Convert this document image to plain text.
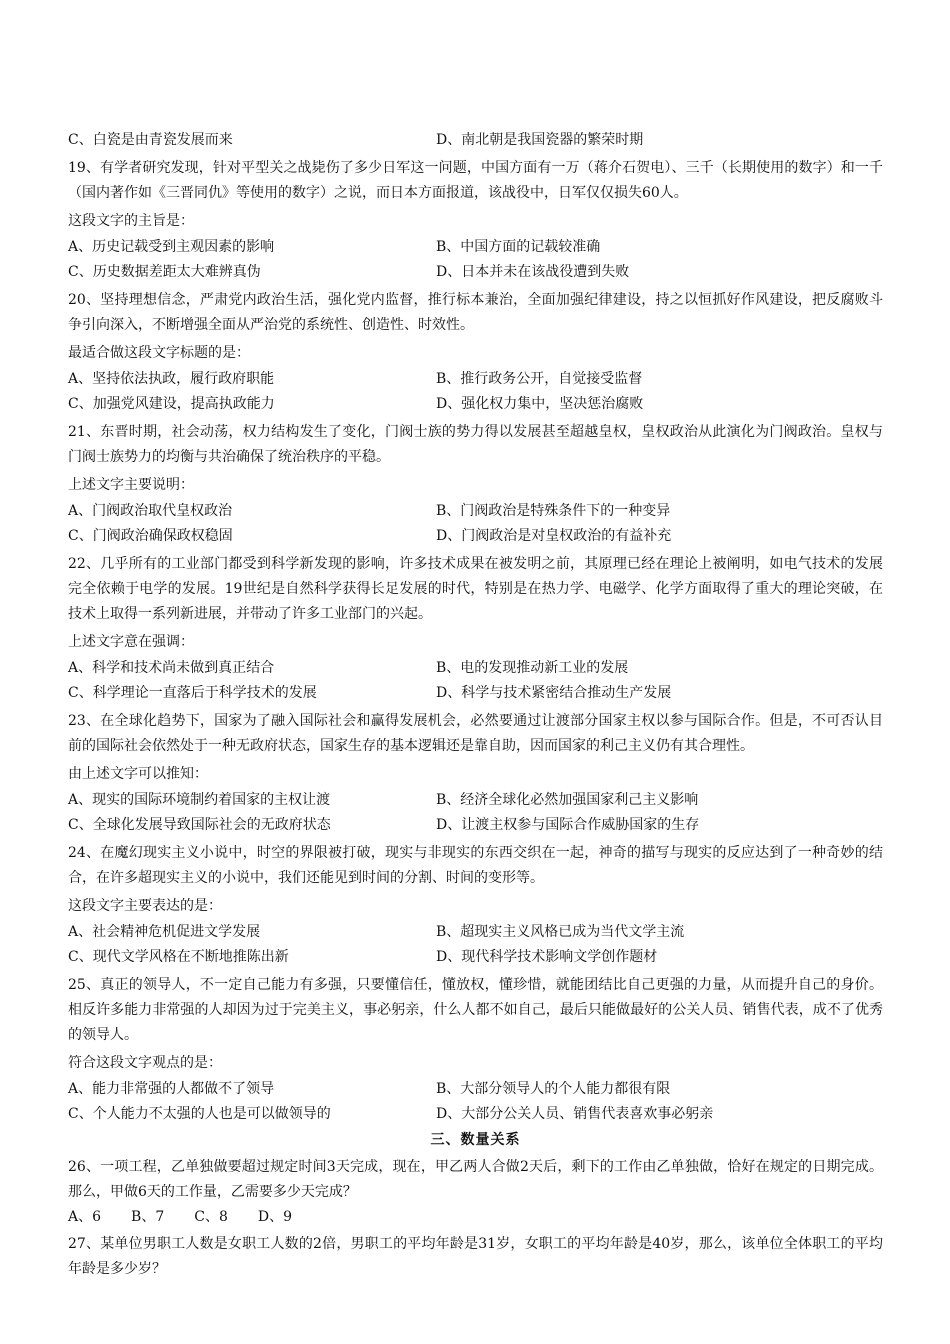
C、白瓷是由青瓷发展而来	D、南北朝是我国瓷器的繁荣时期

19、有学者研究发现，针对平型关之战毙伤了多少日军这一问题，中国方面有一万（蒋介石贺电）、三千（长期使用的数字）和一千（国内著作如《三晋同仇》等使用的数字）之说，而日本方面报道，该战役中，日军仅仅损失60人。

这段文字的主旨是：

A、历史记载受到主观因素的影响	B、中国方面的记载较准确
C、历史数据差距太大难辨真伪	D、日本并未在该战役遭到失败

20、坚持理想信念，严肃党内政治生活，强化党内监督，推行标本兼治，全面加强纪律建设，持之以恒抓好作风建设，把反腐败斗争引向深入，不断增强全面从严治党的系统性、创造性、时效性。

最适合做这段文字标题的是：

A、坚持依法执政，履行政府职能	B、推行政务公开，自觉接受监督
C、加强党风建设，提高执政能力	D、强化权力集中，坚决惩治腐败

21、东晋时期，社会动荡，权力结构发生了变化，门阀士族的势力得以发展甚至超越皇权，皇权政治从此演化为门阀政治。皇权与门阀士族势力的均衡与共治确保了统治秩序的平稳。

上述文字主要说明：

A、门阀政治取代皇权政治	B、门阀政治是特殊条件下的一种变异
C、门阀政治确保政权稳固	D、门阀政治是对皇权政治的有益补充

22、几乎所有的工业部门都受到科学新发现的影响，许多技术成果在被发明之前，其原理已经在理论上被阐明，如电气技术的发展完全依赖于电学的发展。19世纪是自然科学获得长足发展的时代，特别是在热力学、电磁学、化学方面取得了重大的理论突破，在技术上取得一系列新进展，并带动了许多工业部门的兴起。

上述文字意在强调：

A、科学和技术尚未做到真正结合	B、电的发现推动新工业的发展
C、科学理论一直落后于科学技术的发展	D、科学与技术紧密结合推动生产发展

23、在全球化趋势下，国家为了融入国际社会和赢得发展机会，必然要通过让渡部分国家主权以参与国际合作。但是，不可否认目前的国际社会依然处于一种无政府状态，国家生存的基本逻辑还是靠自助，因而国家的利己主义仍有其合理性。

由上述文字可以推知：

A、现实的国际环境制约着国家的主权让渡	B、经济全球化必然加强国家利己主义影响
C、全球化发展导致国际社会的无政府状态	D、让渡主权参与国际合作威胁国家的生存

24、在魔幻现实主义小说中，时空的界限被打破，现实与非现实的东西交织在一起，神奇的描写与现实的反应达到了一种奇妙的结合，在许多超现实主义的小说中，我们还能见到时间的分割、时间的变形等。

这段文字主要表达的是：

A、社会精神危机促进文学发展	B、超现实主义风格已成为当代文学主流
C、现代文学风格在不断地推陈出新	D、现代科学技术影响文学创作题材

25、真正的领导人，不一定自己能力有多强，只要懂信任，懂放权，懂珍惜，就能团结比自己更强的力量，从而提升自己的身价。相反许多能力非常强的人却因为过于完美主义，事必躬亲，什么人都不如自己，最后只能做最好的公关人员、销售代表，成不了优秀的领导人。

符合这段文字观点的是：

A、能力非常强的人都做不了领导	B、大部分领导人的个人能力都很有限
C、个人能力不太强的人也是可以做领导的	D、大部分公关人员、销售代表喜欢事必躬亲

三、数量关系

26、一项工程，乙单独做要超过规定时间3天完成，现在，甲乙两人合做2天后，剩下的工作由乙单独做，恰好在规定的日期完成。那么，甲做6天的工作量，乙需要多少天完成？

A、6 B、7 C、8 D、9

27、某单位男职工人数是女职工人数的2倍，男职工的平均年龄是31岁，女职工的平均年龄是40岁，那么，该单位全体职工的平均年龄是多少岁？
